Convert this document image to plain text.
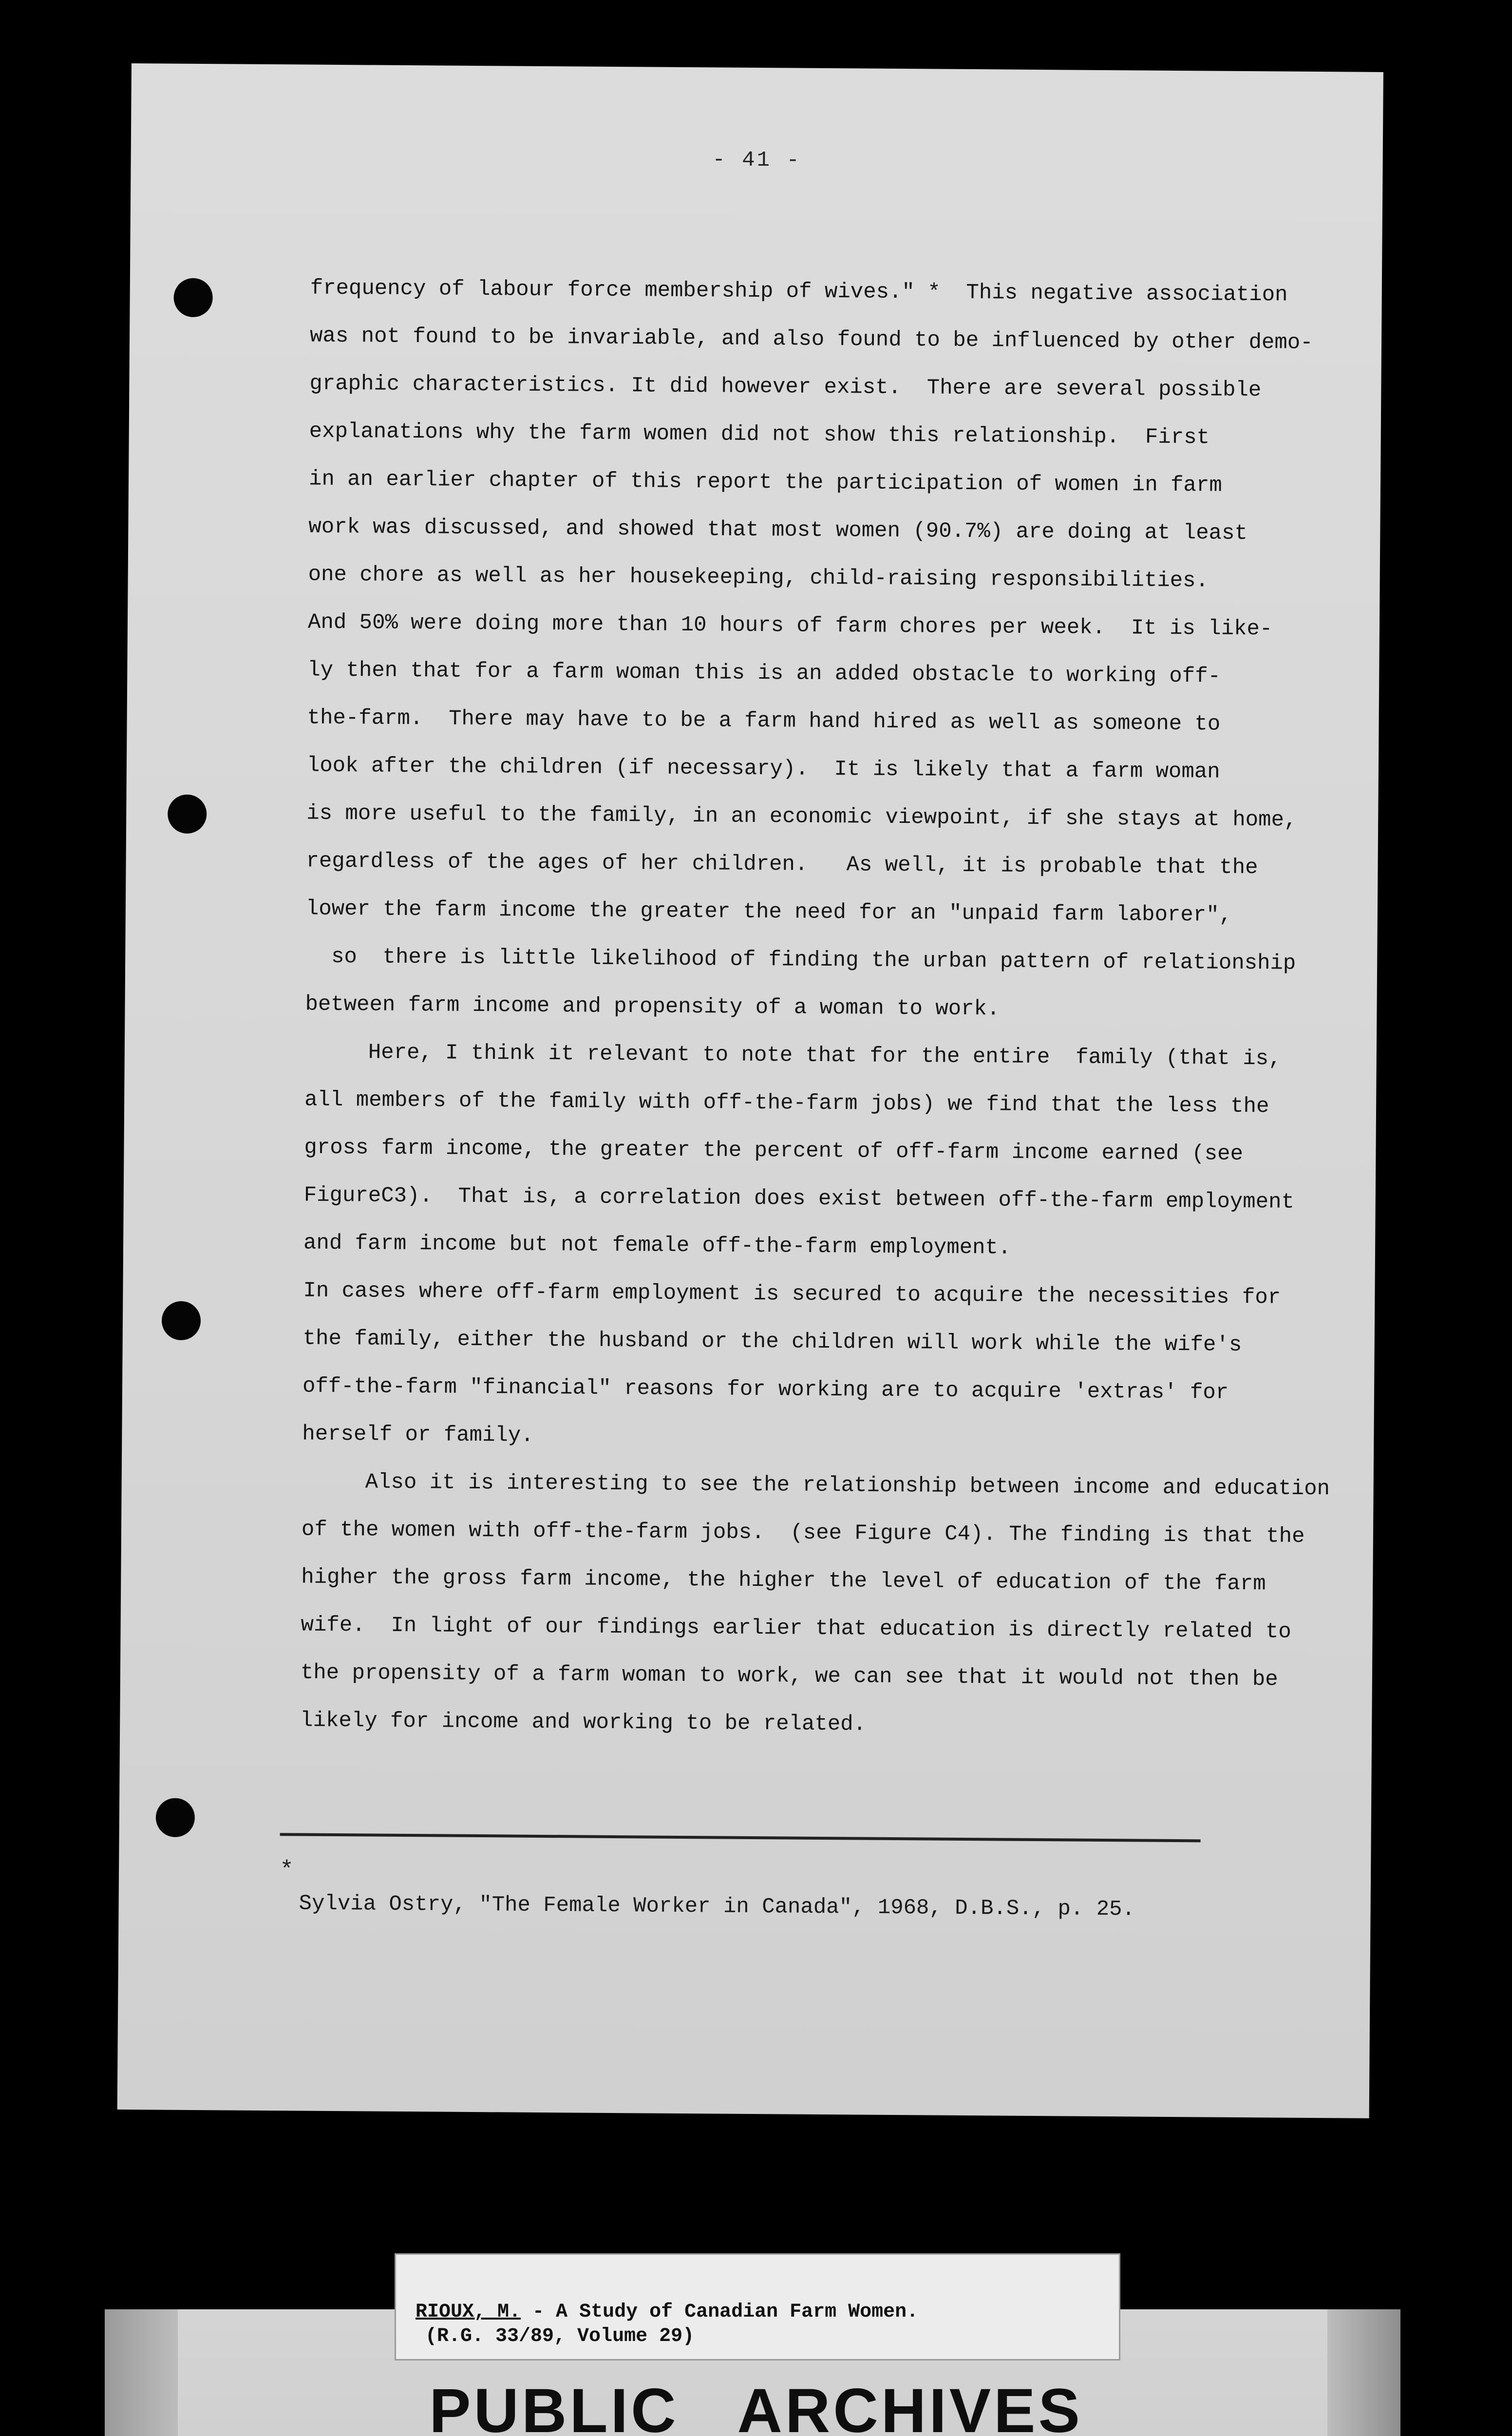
- 41 -
frequency of labour force membership of wives." *  This negative association
was not found to be invariable, and also found to be influenced by other demo-
graphic characteristics. It did however exist.  There are several possible
explanations why the farm women did not show this relationship.  First
in an earlier chapter of this report the participation of women in farm
work was discussed, and showed that most women (90.7%) are doing at least
one chore as well as her housekeeping, child-raising responsibilities.
And 50% were doing more than 10 hours of farm chores per week.  It is like-
ly then that for a farm woman this is an added obstacle to working off-
the-farm.  There may have to be a farm hand hired as well as someone to
look after the children (if necessary).  It is likely that a farm woman
is more useful to the family, in an economic viewpoint, if she stays at home,
regardless of the ages of her children.   As well, it is probable that the
lower the farm income the greater the need for an "unpaid farm laborer",
so  there is little likelihood of finding the urban pattern of relationship
between farm income and propensity of a woman to work.
Here, I think it relevant to note that for the entire  family (that is,
all members of the family with off-the-farm jobs) we find that the less the
gross farm income, the greater the percent of off-farm income earned (see
FigureC3).  That is, a correlation does exist between off-the-farm employment
and farm income but not female off-the-farm employment.
In cases where off-farm employment is secured to acquire the necessities for
the family, either the husband or the children will work while the wife's
off-the-farm "financial" reasons for working are to acquire 'extras' for
herself or family.
Also it is interesting to see the relationship between income and education
of the women with off-the-farm jobs.  (see Figure C4). The finding is that the
higher the gross farm income, the higher the level of education of the farm
wife.  In light of our findings earlier that education is directly related to
the propensity of a farm woman to work, we can see that it would not then be
likely for income and working to be related.
*
Sylvia Ostry, "The Female Worker in Canada", 1968, D.B.S., p. 25.
RIOUX, M. - A Study of Canadian Farm Women.
(R.G. 33/89, Volume 29)
PUBLIC   ARCHIVES
